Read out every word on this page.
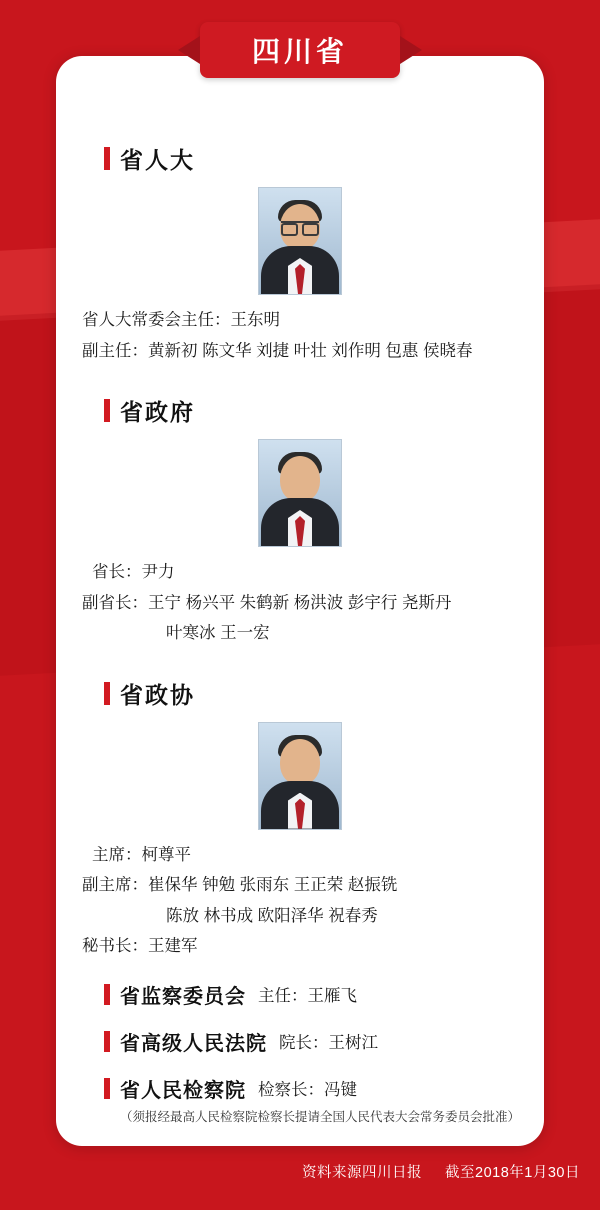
省人大
省人大常委会主任： 王东明
副主任： 黄新初 陈文华 刘捷 叶壮 刘作明 包惠 侯晓春
省政府
省长： 尹力
副省长： 王宁 杨兴平 朱鹤新 杨洪波 彭宇行 尧斯丹
叶寒冰 王一宏
省政协
主席： 柯尊平
副主席： 崔保华 钟勉 张雨东 王正荣 赵振铣
陈放 林书成 欧阳泽华 祝春秀
秘书长： 王建军
省监察委员会 主任：王雁飞
省高级人民法院 院长：王树江
省人民检察院 检察长：冯键
（须报经最高人民检察院检察长提请全国人民代表大会常务委员会批准）
四川省
资料来源四川日报 截至2018年1月30日
